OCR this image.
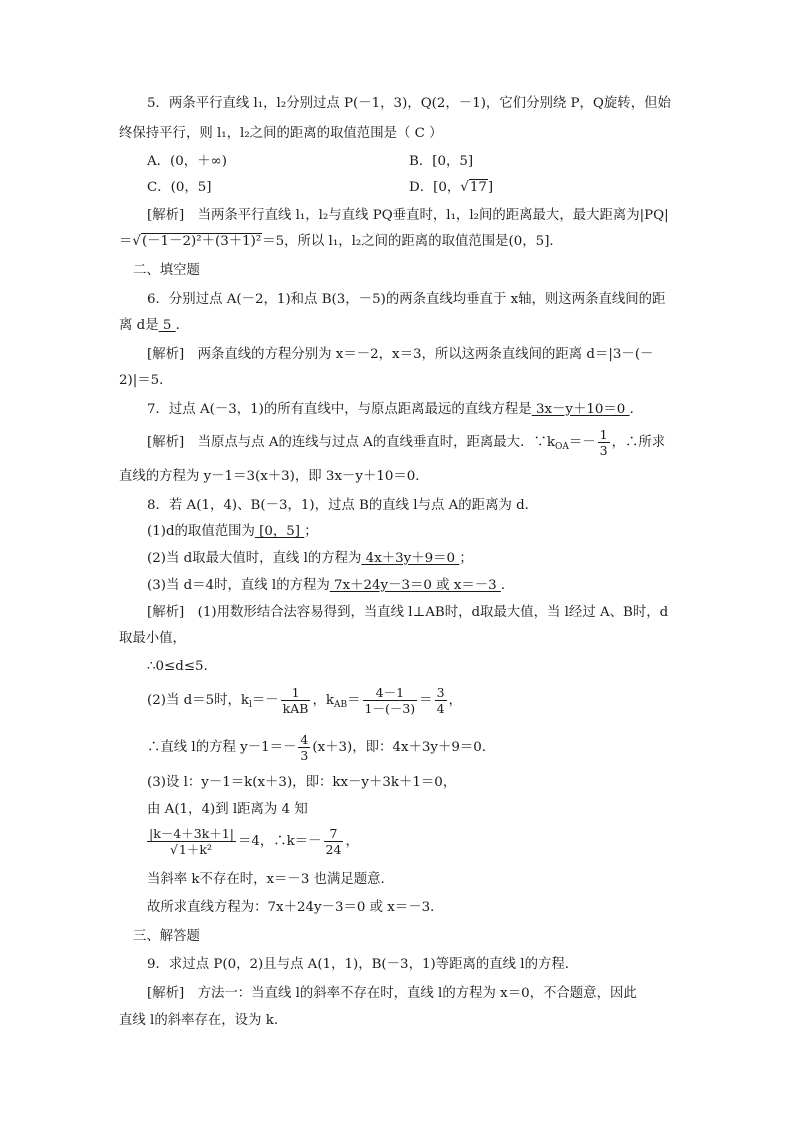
5．两条平行直线 l₁，l₂分别过点 P(－1，3)，Q(2，－1)，它们分别绕 P，Q旋转，但始
终保持平行，则 l₁，l₂之间的距离的取值范围是（ C ）
A．(0，＋∞)	B．[0，5]
C．(0，5]	D．[0，√17]
[解析]　当两条平行直线 l₁，l₂与直线 PQ垂直时，l₁，l₂间的距离最大，最大距离为|PQ|
＝√(－1－2)²＋(3＋1)²＝5，所以 l₁，l₂之间的距离的取值范围是(0，5]．
二、填空题
6．分别过点 A(－2，1)和点 B(3，－5)的两条直线均垂直于 x轴，则这两条直线间的距
离 d是 5 ．
[解析]　两条直线的方程分别为 x＝－2，x＝3，所以这两条直线间的距离 d＝|3－(－
2)|＝5．
7．过点 A(－3，1)的所有直线中，与原点距离最远的直线方程是 3x－y＋10＝0 ．
[解析]　当原点与点 A的连线与过点 A的直线垂直时，距离最大．$\because k_{OA}=- \frac{1}{3}$ ，∴所求
直线的方程为 y－1＝3(x＋3)，即 3x－y＋10＝0．
8．若 A(1，4)、B(－3，1)，过点 B的直线 l与点 A的距离为 d．
(1)d的取值范围为 [0，5] ；
(2)当 d取最大值时，直线 l的方程为 4x＋3y＋9＝0 ；
(3)当 d＝4时，直线 l的方程为 7x＋24y－3＝0 或 x＝－3 ．
[解析]　(1)用数形结合法容易得到，当直线 l⊥AB时，d取最大值，当 l经过 A、B时，d
取最小值，
∴0≤d≤5．
(2)当 d＝5时，$k_l=- \frac{1}{\text{kAB}}$ ，$k_{AB}= \frac{4-1}{1-(-3)} = \frac{3}{4}$ ，
∴直线 l的方程 $y-1=- \frac{4}{3} (x+3)$，即：4x＋3y＋9＝0．
(3)设 l：y－1＝k(x＋3)，即：kx－y＋3k＋1＝0，
由 A(1，4)到 l距离为 4 知
$\frac{|k-4+3k+1|}{\text{√1＋k²}} =4$，∴k＝－ $\frac{7}{24}$ ，
当斜率 k不存在时，x＝－3 也满足题意．
故所求直线方程为：7x＋24y－3＝0 或 x＝－3．
三、解答题
9．求过点 P(0，2)且与点 A(1，1)，B(－3，1)等距离的直线 l的方程．
[解析]　方法一：当直线 l的斜率不存在时，直线 l的方程为 x＝0，不合题意，因此
直线 l的斜率存在，设为 k.
